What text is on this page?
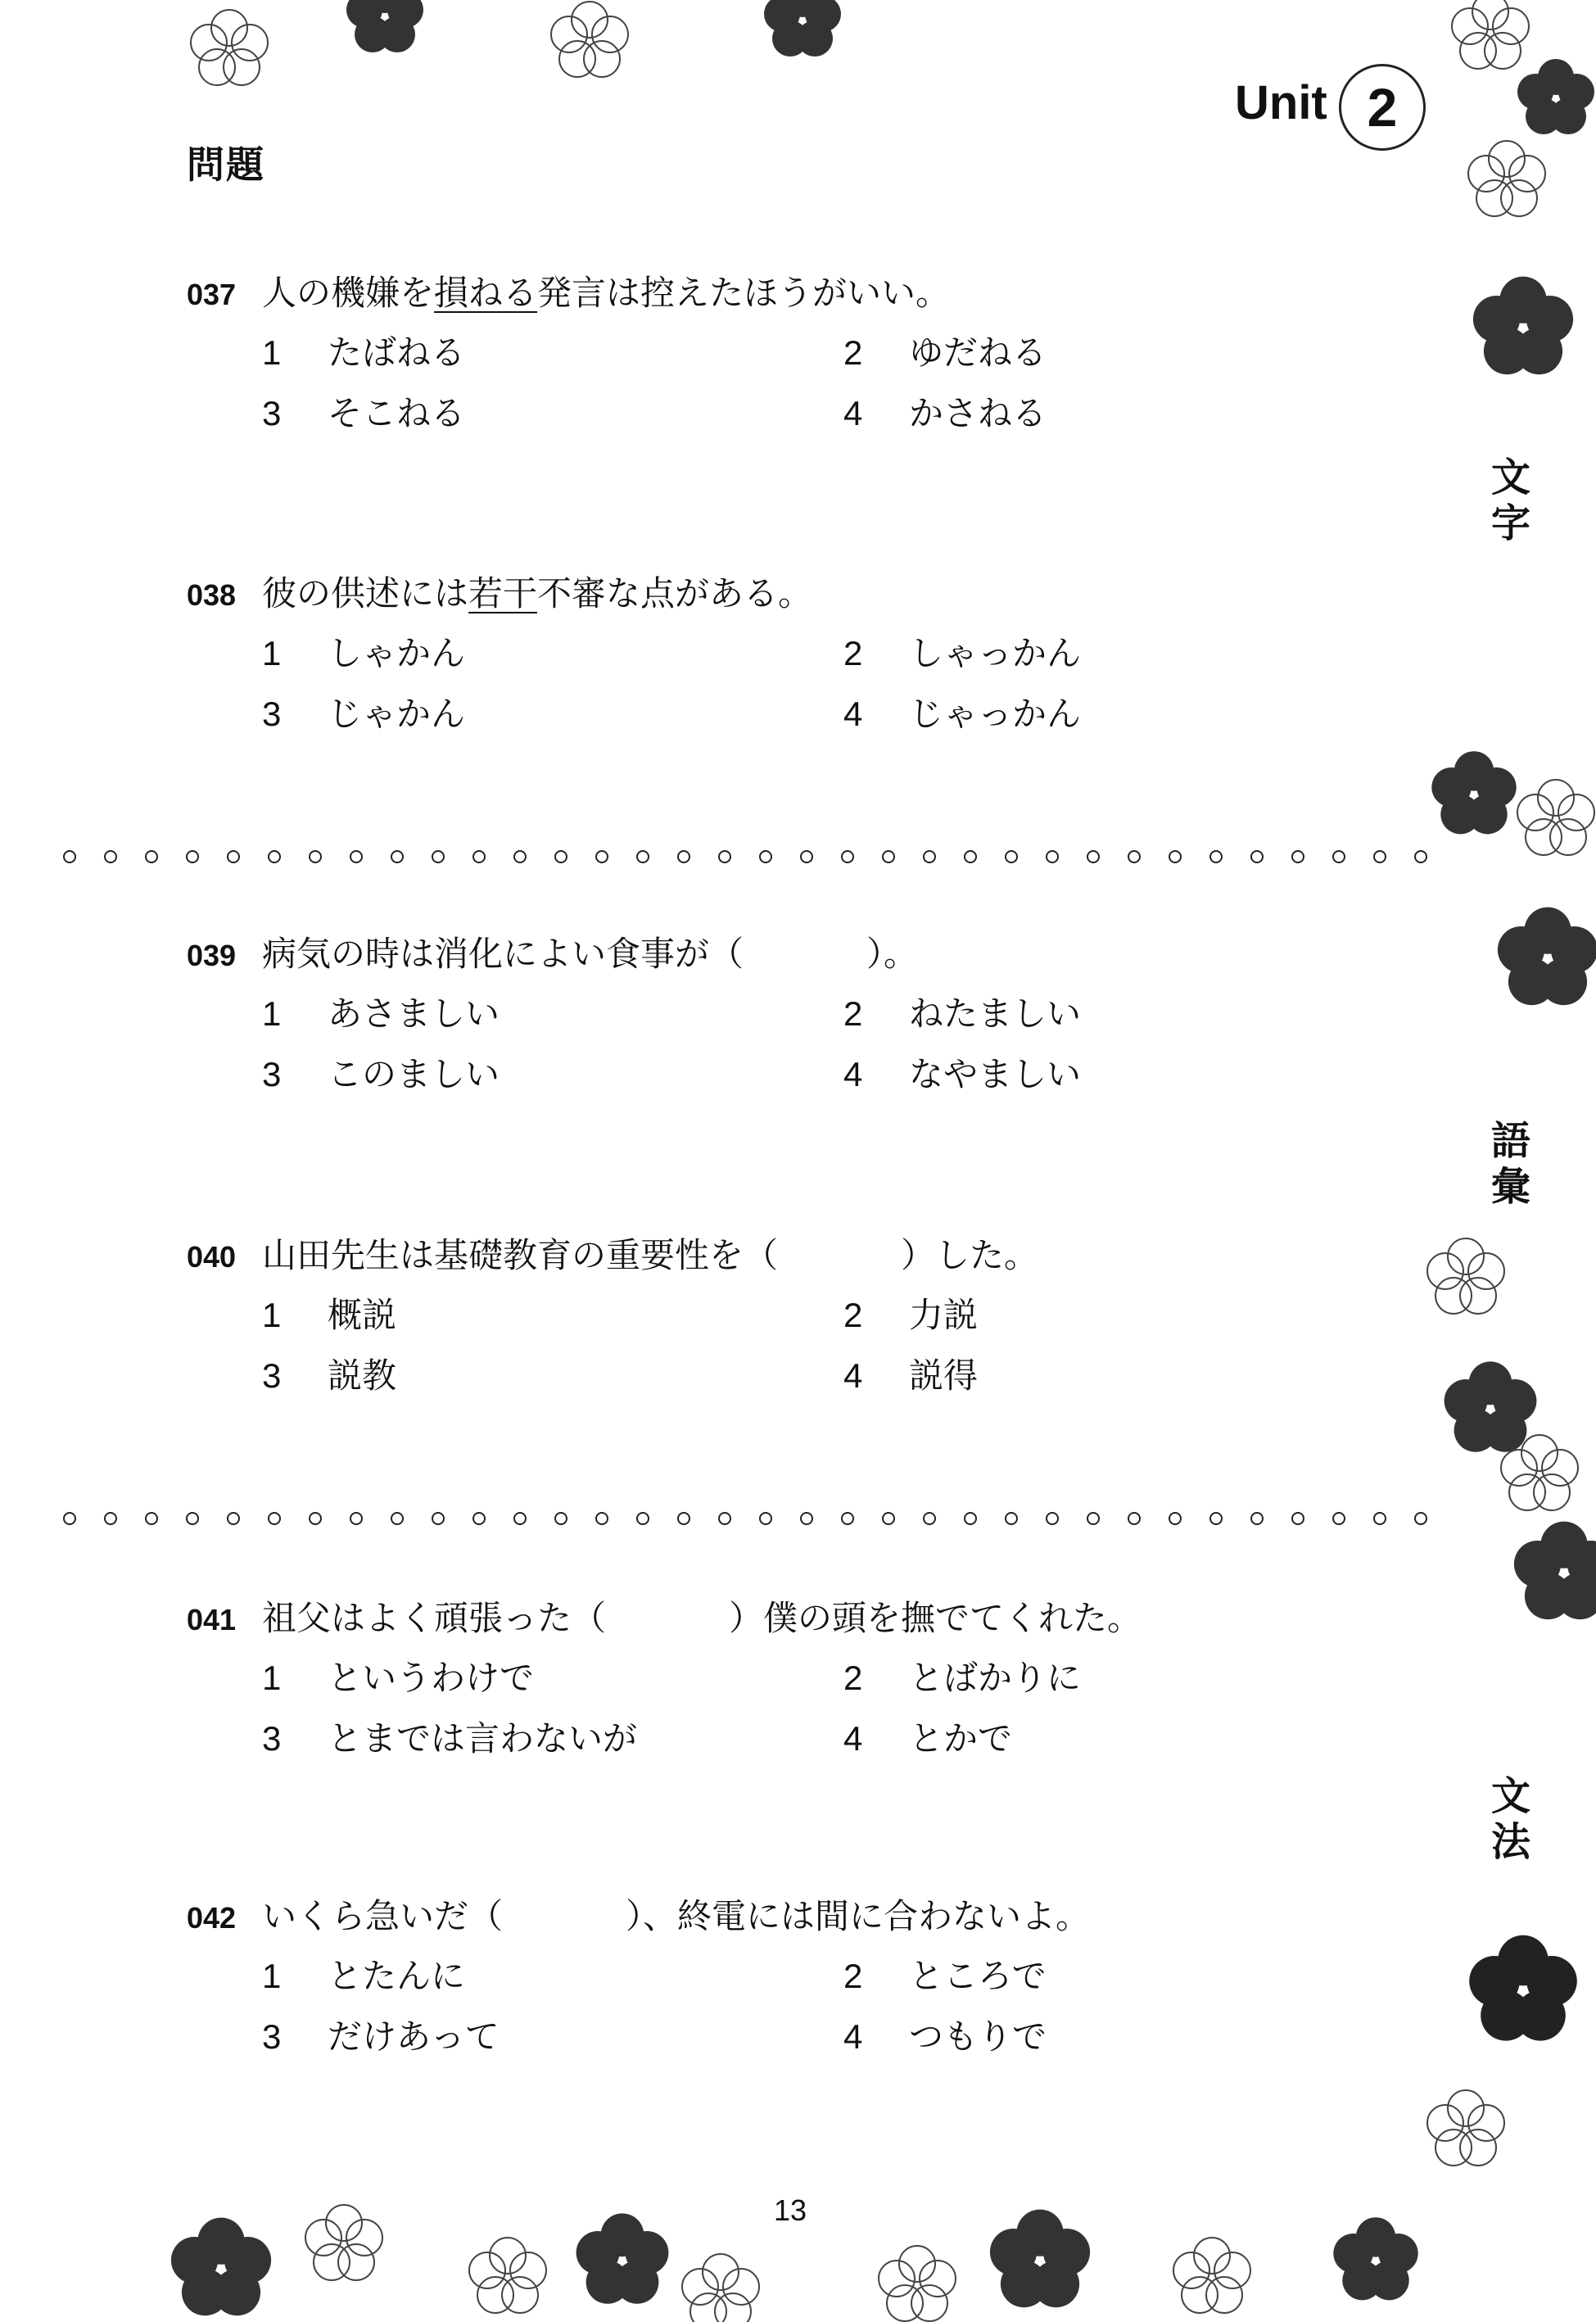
問題
Unit 2
文字
語彙
文法
037 人の機嫌を損ねる発言は控えたほうがいい。
1 たばねる	2 ゆだねる
3 そこねる	4 かさねる
038 彼の供述には若干不審な点がある。
1 しゃかん	2 しゃっかん
3 じゃかん	4 じゃっかん
039 病気の時は消化によい食事が（	）。
1 あさましい	2 ねたましい
3 このましい	4 なやましい
040 山田先生は基礎教育の重要性を（	）した。
1 概説	2 力説
3 説教	4 説得
041 祖父はよく頑張った（	）僕の頭を撫でてくれた。
1 というわけで	2 とばかりに
3 とまでは言わないが	4 とかで
042 いくら急いだ（	）、終電には間に合わないよ。
1 とたんに	2 ところで
3 だけあって	4 つもりで
13
